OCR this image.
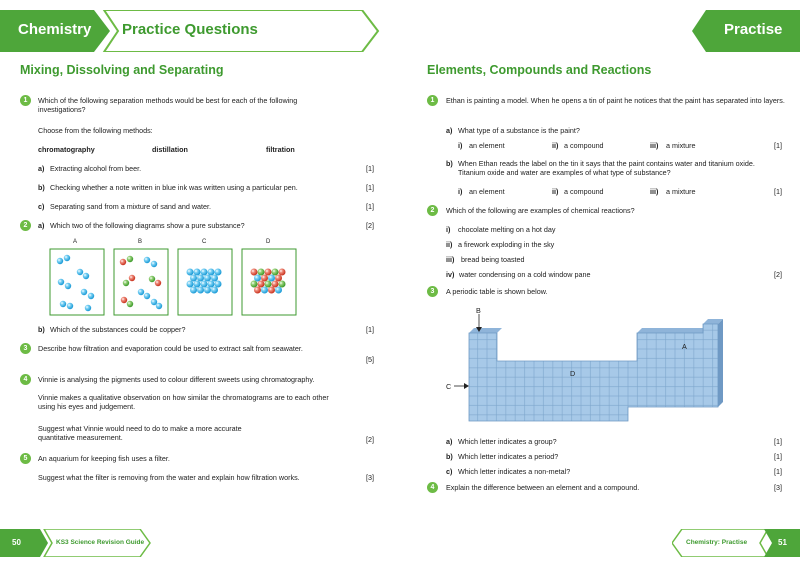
Chemistry Practice Questions	Practise
Mixing, Dissolving and Separating
1	Which of the following separation methods would be best for each of the following investigations?
Choose from the following methods:
chromatography	distillation	filtration
a) Extracting alcohol from beer.	[1]
b) Checking whether a note written in blue ink was written using a particular pen.	[1]
c) Separating sand from a mixture of sand and water.	[1]
2	a) Which two of the following diagrams show a pure substance?	[2]
A	B	C	D
b) Which of the substances could be copper?	[1]
3	Describe how filtration and evaporation could be used to extract salt from seawater.
[5]
4	Vinnie is analysing the pigments used to colour different sweets using chromatography.
Vinnie makes a qualitative observation on how similar the chromatograms are to each other using his eyes and judgement.
Suggest what Vinnie would need to do to make a more accurate quantitative measurement.	[2]
5	An aquarium for keeping fish uses a filter.
Suggest what the filter is removing from the water and explain how filtration works.	[3]
Elements, Compounds and Reactions
1	Ethan is painting a model. When he opens a tin of paint he notices that the paint has separated into layers.
a) What type of a substance is the paint?
i) an element	ii) a compound	iii) a mixture	[1]
b) When Ethan reads the label on the tin it says that the paint contains water and titanium oxide. Titanium oxide and water are examples of what type of substance?
i) an element	ii) a compound	iii) a mixture	[1]
2	Which of the following are examples of chemical reactions?
i) chocolate melting on a hot day
ii) a firework exploding in the sky
iii) bread being toasted
iv) water condensing on a cold window pane	[2]
3	A periodic table is shown below.
B
C
D
A
a) Which letter indicates a group?	[1]
b) Which letter indicates a period?	[1]
c) Which letter indicates a non-metal?	[1]
4	Explain the difference between an element and a compound.	[3]
50	KS3 Science Revision Guide	Chemistry: Practise	51
